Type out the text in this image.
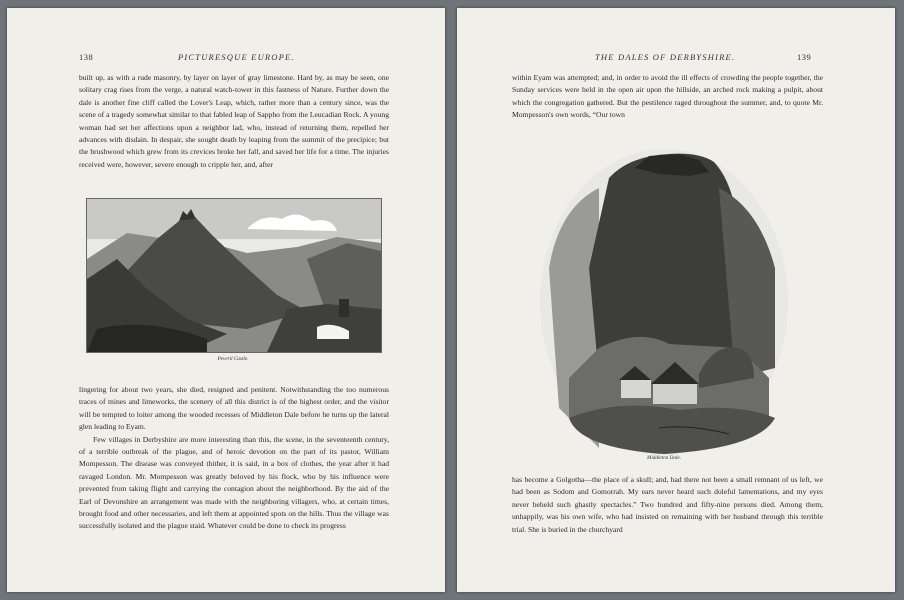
138	PICTURESQUE EUROPE.

built up, as with a rude masonry, by layer on layer of gray limestone. Hard by, as may be seen, one solitary crag rises from the verge, a natural watch-tower in this fastness of Nature. Further down the dale is another fine cliff called the Lover's Leap, which, rather more than a century since, was the scene of a tragedy somewhat similar to that fabled leap of Sappho from the Leucadian Rock. A young woman had set her affections upon a neighbor lad, who, instead of returning them, repelled her advances with disdain. In despair, she sought death by leaping from the summit of the precipice; but the brushwood which grew from its crevices broke her fall, and saved her life for a time. The injuries received were, however, severe enough to cripple her, and, after

Peveril Castle.

lingering for about two years, she died, resigned and penitent. Notwithstanding the too numerous traces of mines and limeworks, the scenery of all this district is of the highest order, and the visitor will be tempted to loiter among the wooded recesses of Middleton Dale before he turns up the lateral glen leading to Eyam.

Few villages in Derbyshire are more interesting than this, the scene, in the seventeenth century, of a terrible outbreak of the plague, and of heroic devotion on the part of its pastor, William Mompesson. The disease was conveyed thither, it is said, in a box of clothes, the year after it had ravaged London. Mr. Mompesson was greatly beloved by his flock, who by his influence were prevented from taking flight and carrying the contagion about the neighborhood. By the aid of the Earl of Devonshire an arrangement was made with the neighboring villagers, who, at certain times, brought food and other necessaries, and left them at appointed spots on the hills. Thus the village was successfully isolated and the plague staid. Whatever could be done to check its progress

THE DALES OF DERBYSHIRE.	139

within Eyam was attempted; and, in order to avoid the ill effects of crowding the people together, the Sunday services were held in the open air upon the hillside, an arched rock making a pulpit, about which the congregation gathered. But the pestilence raged throughout the summer, and, to quote Mr. Mompesson's own words, “Our town

Middleton Dale.

has become a Golgotha—the place of a skull; and, had there not been a small remnant of us left, we had been as Sodom and Gomorrah. My ears never heard such doleful lamentations, and my eyes never beheld such ghastly spectacles.” Two hundred and fifty-nine persons died. Among them, unhappily, was his own wife, who had insisted on remaining with her husband through this terrible trial. She is buried in the churchyard
